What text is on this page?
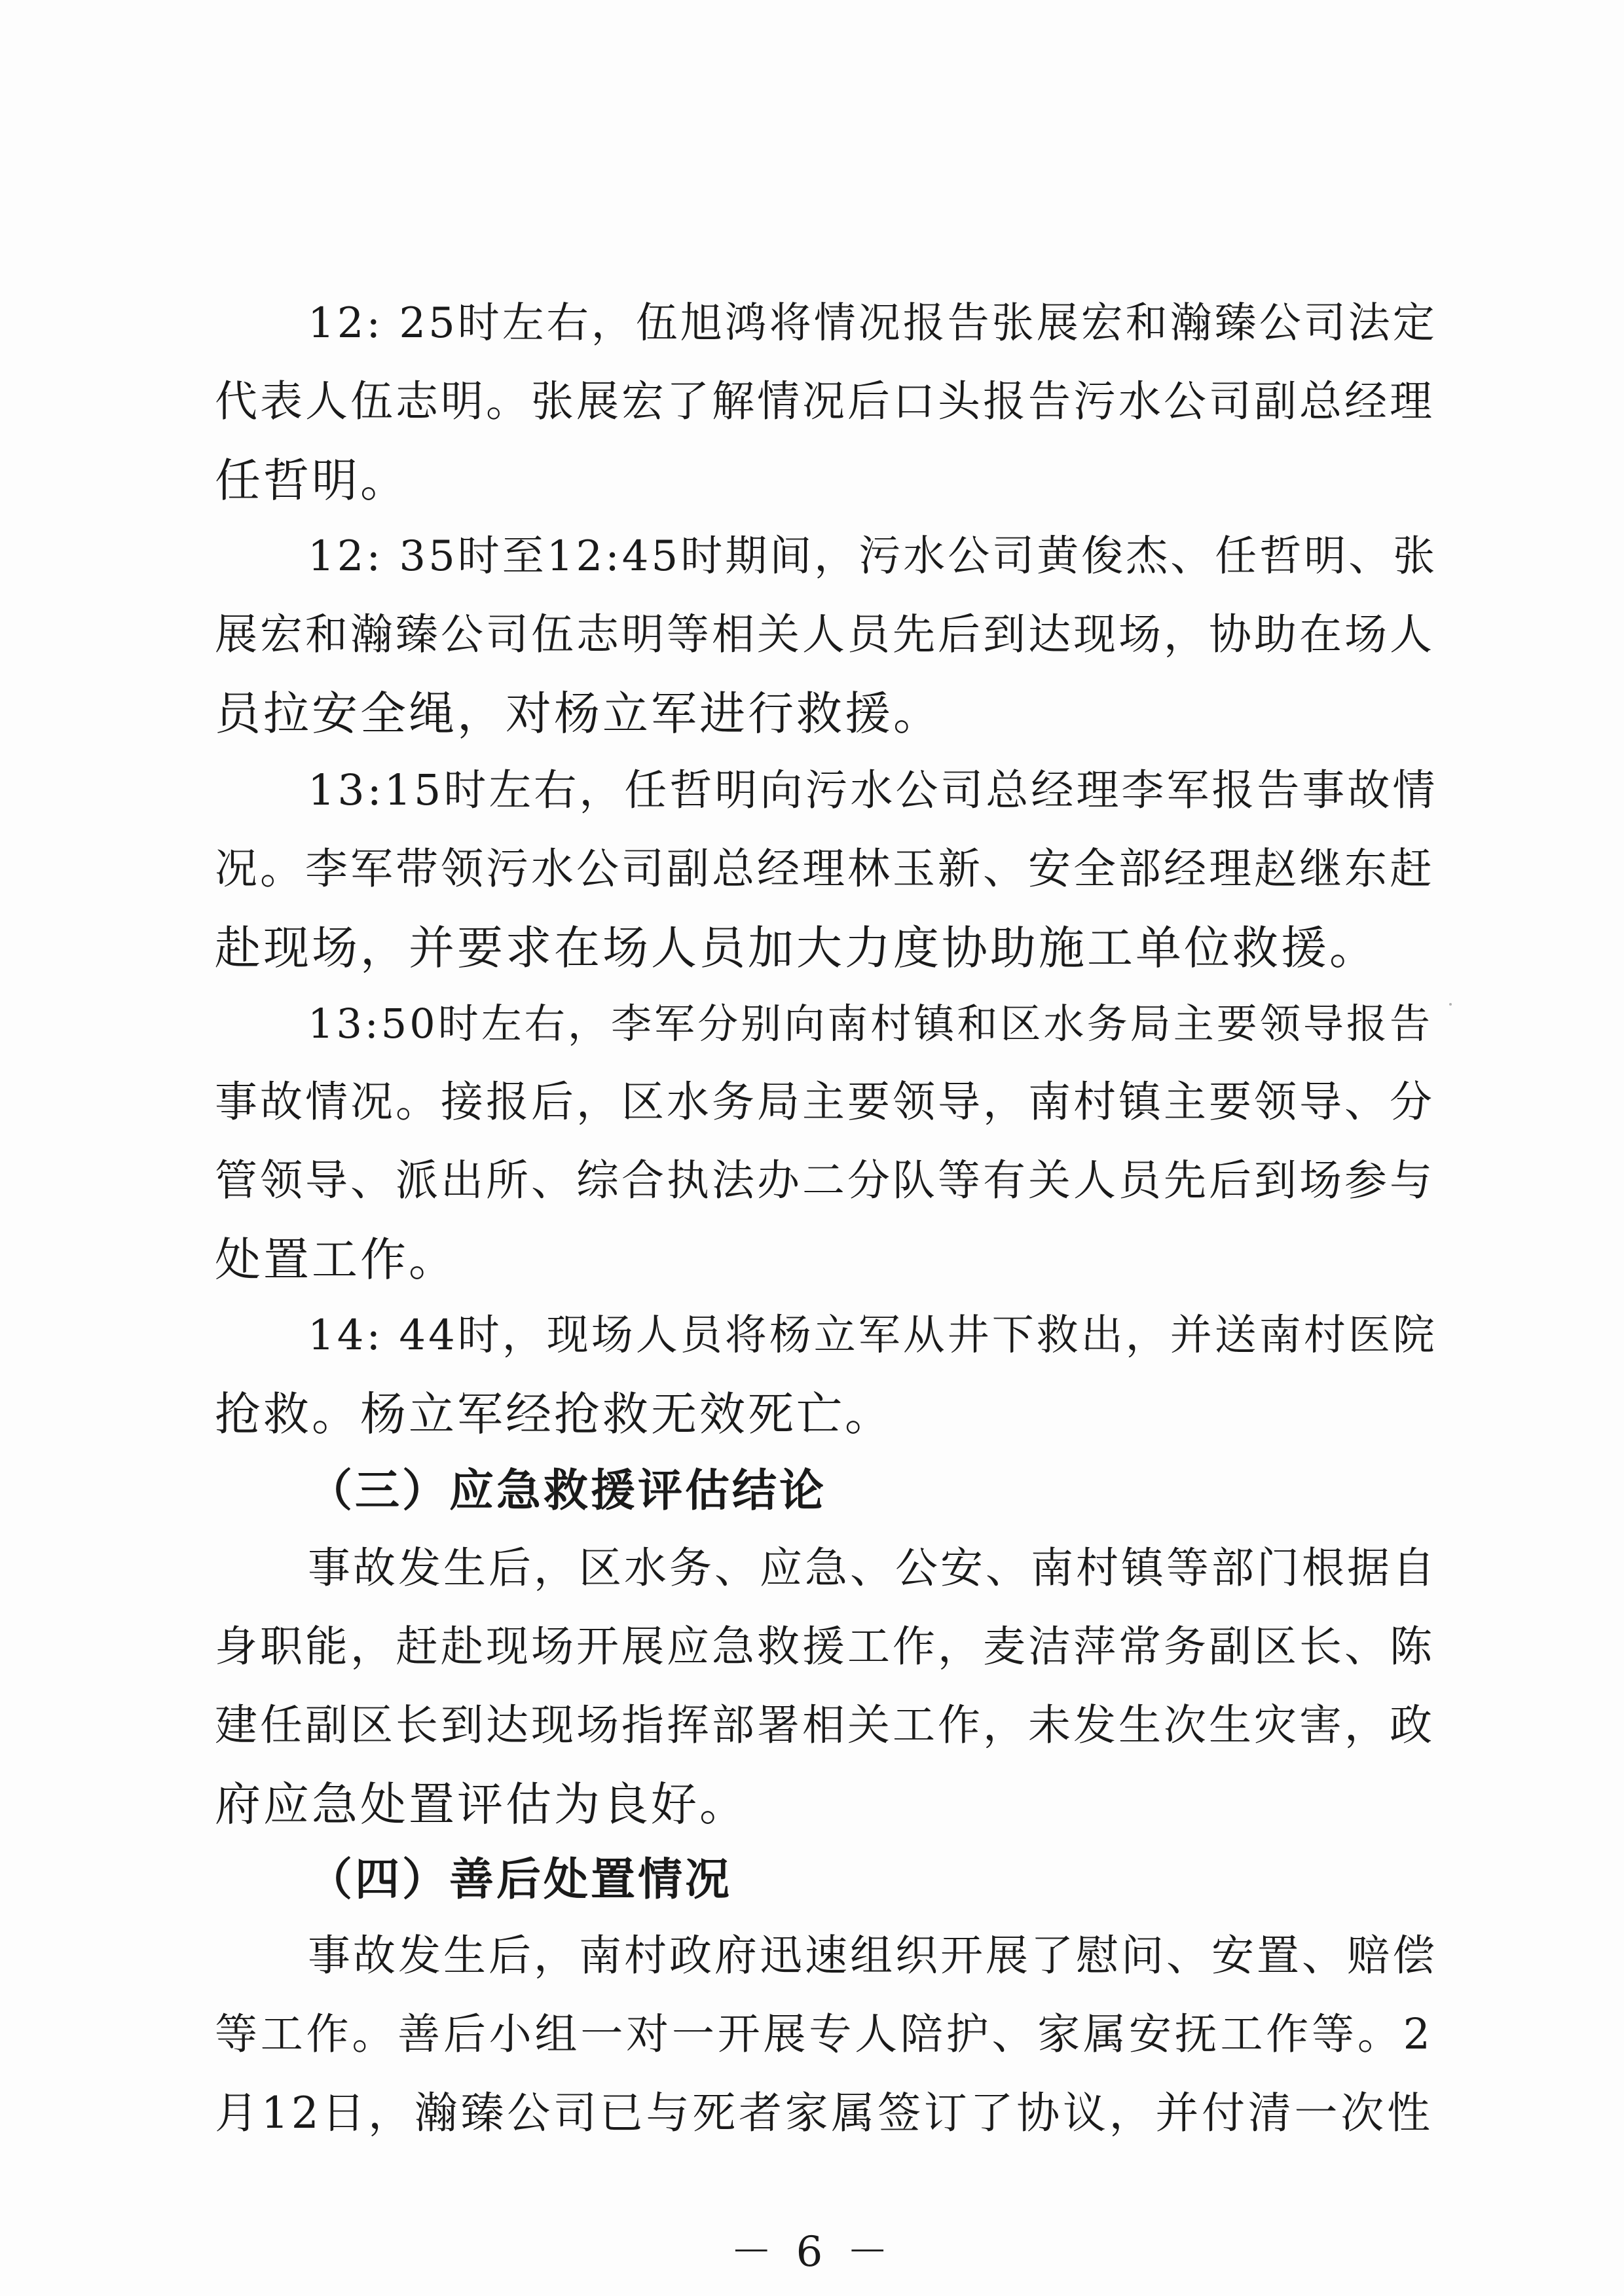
12: 25时左右，伍旭鸿将情况报告张展宏和瀚臻公司法定
代表人伍志明。张展宏了解情况后口头报告污水公司副总经理
任哲明。
12: 35时至12:45时期间，污水公司黄俊杰、任哲明、张
展宏和瀚臻公司伍志明等相关人员先后到达现场，协助在场人
员拉安全绳，对杨立军进行救援。
13:15时左右，任哲明向污水公司总经理李军报告事故情
况。李军带领污水公司副总经理林玉新、安全部经理赵继东赶
赴现场，并要求在场人员加大力度协助施工单位救援。
13:50时左右，李军分别向南村镇和区水务局主要领导报告
事故情况。接报后，区水务局主要领导，南村镇主要领导、分
管领导、派出所、综合执法办二分队等有关人员先后到场参与
处置工作。
14: 44时，现场人员将杨立军从井下救出，并送南村医院
抢救。杨立军经抢救无效死亡。
（三）应急救援评估结论
事故发生后，区水务、应急、公安、南村镇等部门根据自
身职能，赶赴现场开展应急救援工作，麦洁萍常务副区长、陈
建任副区长到达现场指挥部署相关工作，未发生次生灾害，政
府应急处置评估为良好。
（四）善后处置情况
事故发生后，南村政府迅速组织开展了慰问、安置、赔偿
等工作。善后小组一对一开展专人陪护、家属安抚工作等。2
月12日，瀚臻公司已与死者家属签订了协议，并付清一次性
－ 6 －
